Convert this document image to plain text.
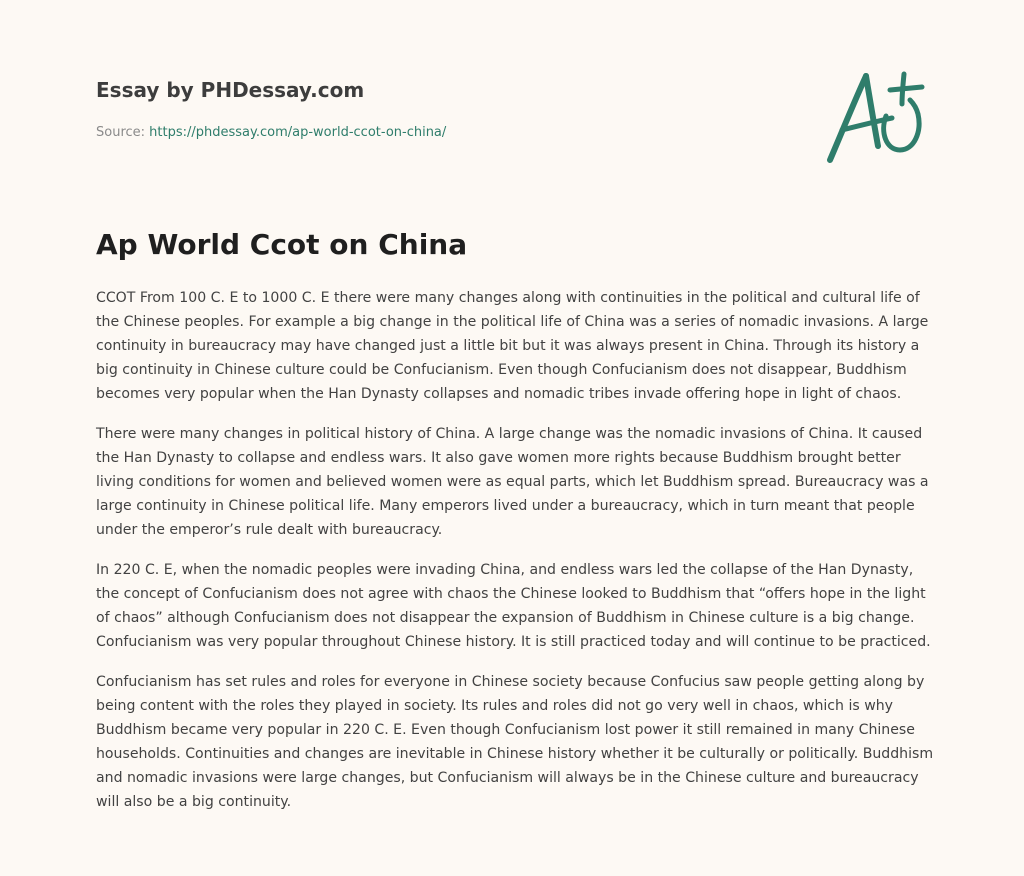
Essay by PHDessay.com

Source: https://phdessay.com/ap-world-ccot-on-china/
Ap World Ccot on China

CCOT From 100 C. E to 1000 C. E there were many changes along with continuities in the political and cultural life of the Chinese peoples. For example a big change in the political life of China was a series of nomadic invasions. A large continuity in bureaucracy may have changed just a little bit but it was always present in China. Through its history a big continuity in Chinese culture could be Confucianism. Even though Confucianism does not disappear, Buddhism becomes very popular when the Han Dynasty collapses and nomadic tribes invade offering hope in light of chaos.

There were many changes in political history of China. A large change was the nomadic invasions of China. It caused the Han Dynasty to collapse and endless wars. It also gave women more rights because Buddhism brought better living conditions for women and believed women were as equal parts, which let Buddhism spread. Bureaucracy was a large continuity in Chinese political life. Many emperors lived under a bureaucracy, which in turn meant that people under the emperor’s rule dealt with bureaucracy.

In 220 C. E, when the nomadic peoples were invading China, and endless wars led the collapse of the Han Dynasty, the concept of Confucianism does not agree with chaos the Chinese looked to Buddhism that “offers hope in the light of chaos” although Confucianism does not disappear the expansion of Buddhism in Chinese culture is a big change. Confucianism was very popular throughout Chinese history. It is still practiced today and will continue to be practiced.

Confucianism has set rules and roles for everyone in Chinese society because Confucius saw people getting along by being content with the roles they played in society. Its rules and roles did not go very well in chaos, which is why Buddhism became very popular in 220 C. E. Even though Confucianism lost power it still remained in many Chinese households. Continuities and changes are inevitable in Chinese history whether it be culturally or politically. Buddhism and nomadic invasions were large changes, but Confucianism will always be in the Chinese culture and bureaucracy will also be a big continuity.
